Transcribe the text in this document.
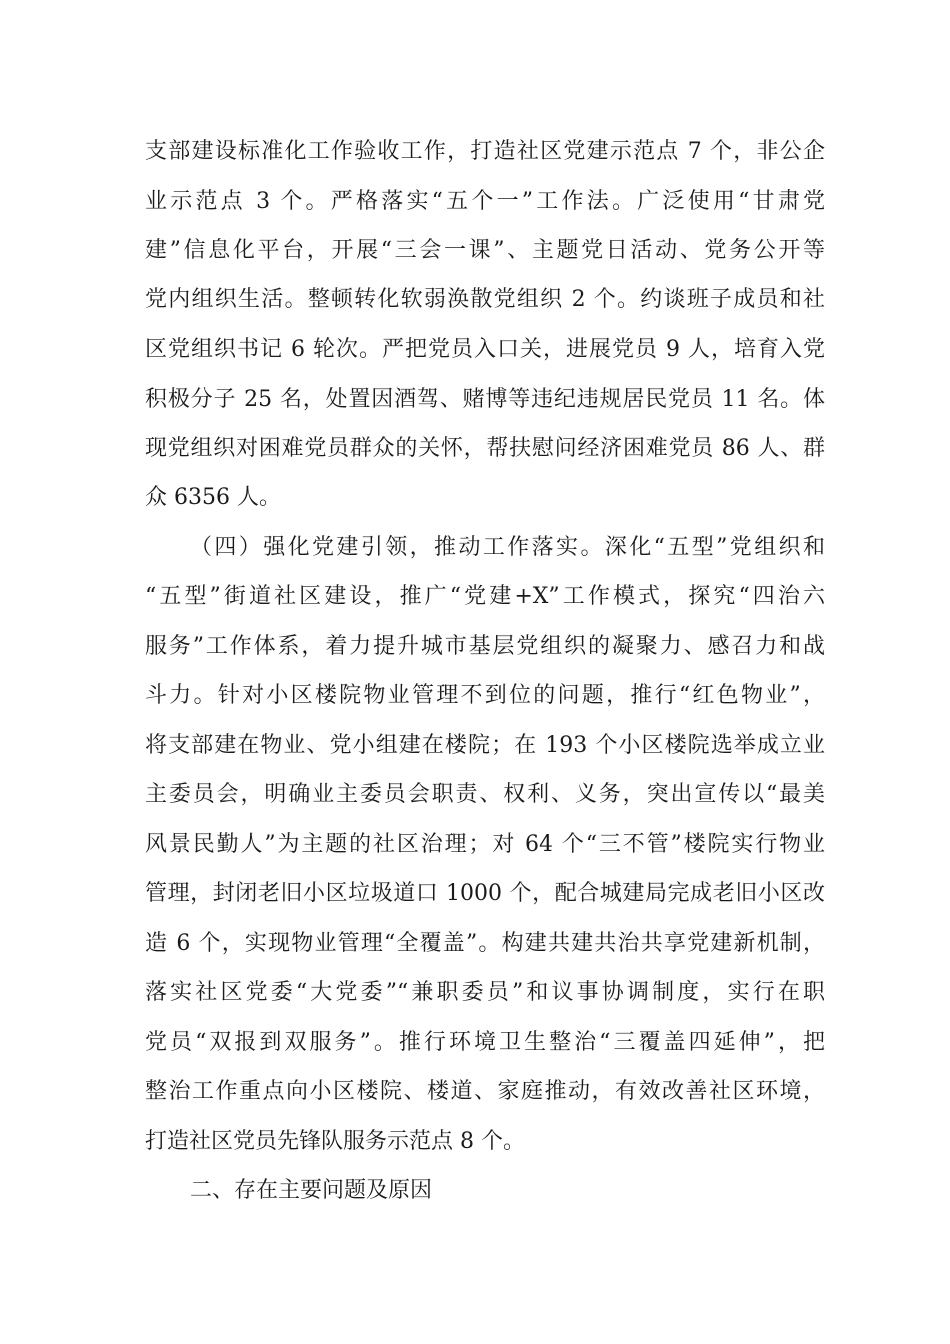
支部建设标准化工作验收工作，打造社区党建示范点 7 个，非公企
业示范点 3 个。严格落实“五个一”工作法。广泛使用“甘肃党
建”信息化平台，开展“三会一课”、主题党日活动、党务公开等
党内组织生活。整顿转化软弱涣散党组织 2 个。约谈班子成员和社
区党组织书记 6 轮次。严把党员入口关，进展党员 9 人，培育入党
积极分子 25 名，处置因酒驾、赌博等违纪违规居民党员 11 名。体
现党组织对困难党员群众的关怀，帮扶慰问经济困难党员 86 人、群
众 6356 人。
（四）强化党建引领，推动工作落实。深化“五型”党组织和
“五型”街道社区建设，推广“党建+X”工作模式，探究“四治六
服务”工作体系，着力提升城市基层党组织的凝聚力、感召力和战
斗力。针对小区楼院物业管理不到位的问题，推行“红色物业”，
将支部建在物业、党小组建在楼院；在 193 个小区楼院选举成立业
主委员会，明确业主委员会职责、权利、义务，突出宣传以“最美
风景民勤人”为主题的社区治理；对 64 个“三不管”楼院实行物业
管理，封闭老旧小区垃圾道口 1000 个，配合城建局完成老旧小区改
造 6 个，实现物业管理“全覆盖”。构建共建共治共享党建新机制，
落实社区党委“大党委”“兼职委员”和议事协调制度，实行在职
党员“双报到双服务”。推行环境卫生整治“三覆盖四延伸”，把
整治工作重点向小区楼院、楼道、家庭推动，有效改善社区环境，
打造社区党员先锋队服务示范点 8 个。
二、存在主要问题及原因
